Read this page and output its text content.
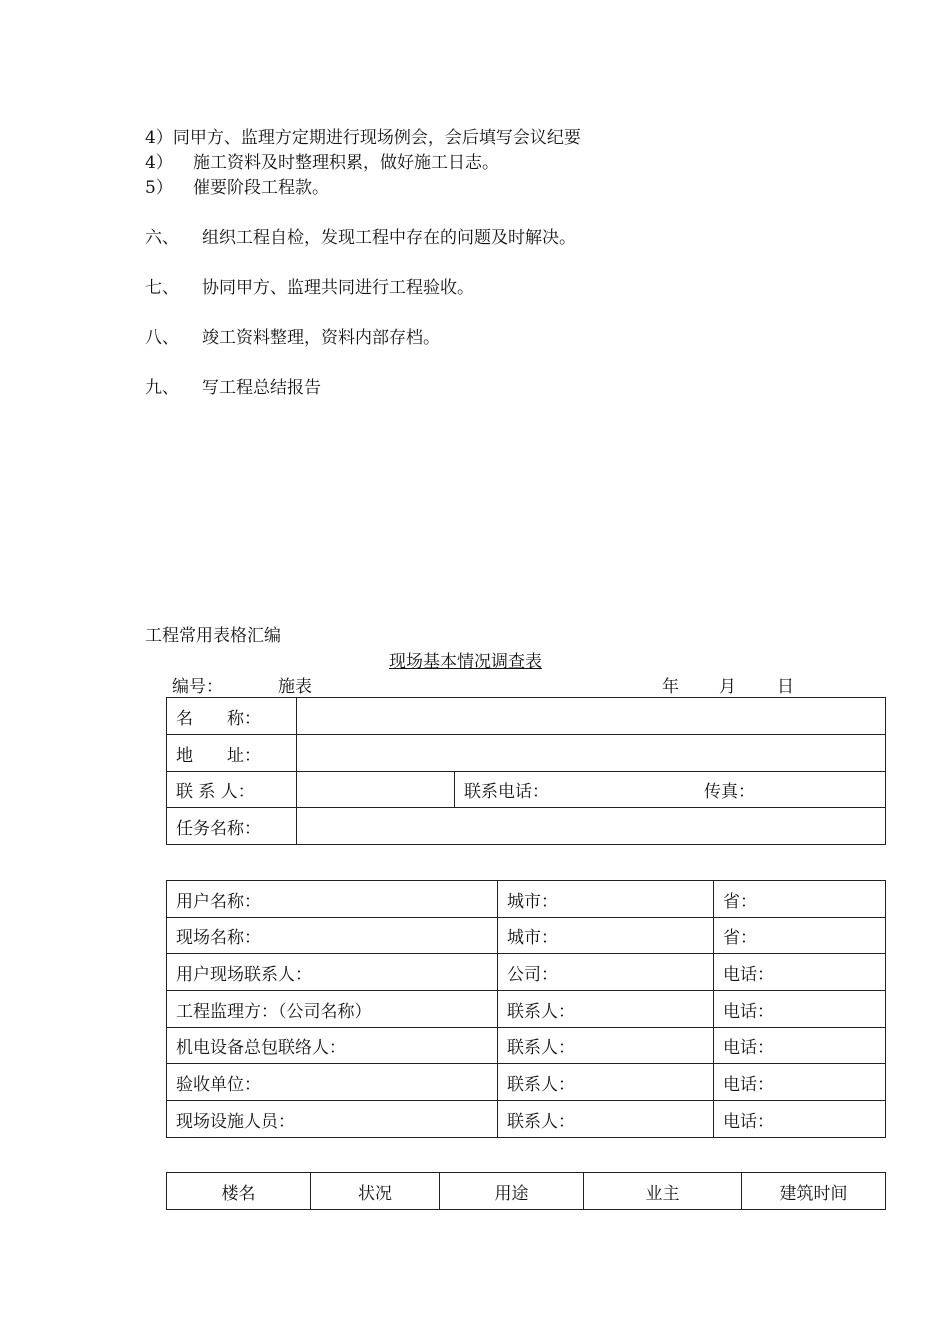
4）同甲方、监理方定期进行现场例会，会后填写会议纪要
4） 施工资料及时整理积累，做好施工日志。
5） 催要阶段工程款。
六、 组织工程自检，发现工程中存在的问题及时解决。
七、 协同甲方、监理共同进行工程验收。
八、 竣工资料整理，资料内部存档。
九、 写工程总结报告
工程常用表格汇编
现场基本情况调查表
编号：	施表	年 月 日
名　　称：		
地　　址：		
联 系 人：		联系电话： 传真：
任务名称：		
用户名称：	城市：	省：
现场名称：	城市：	省：
用户现场联系人：	公司：	电话：
工程监理方：（公司名称）	联系人：	电话：
机电设备总包联络人：	联系人：	电话：
验收单位：	联系人：	电话：
现场设施人员：	联系人：	电话：
楼名	状况	用途	业主	建筑时间
